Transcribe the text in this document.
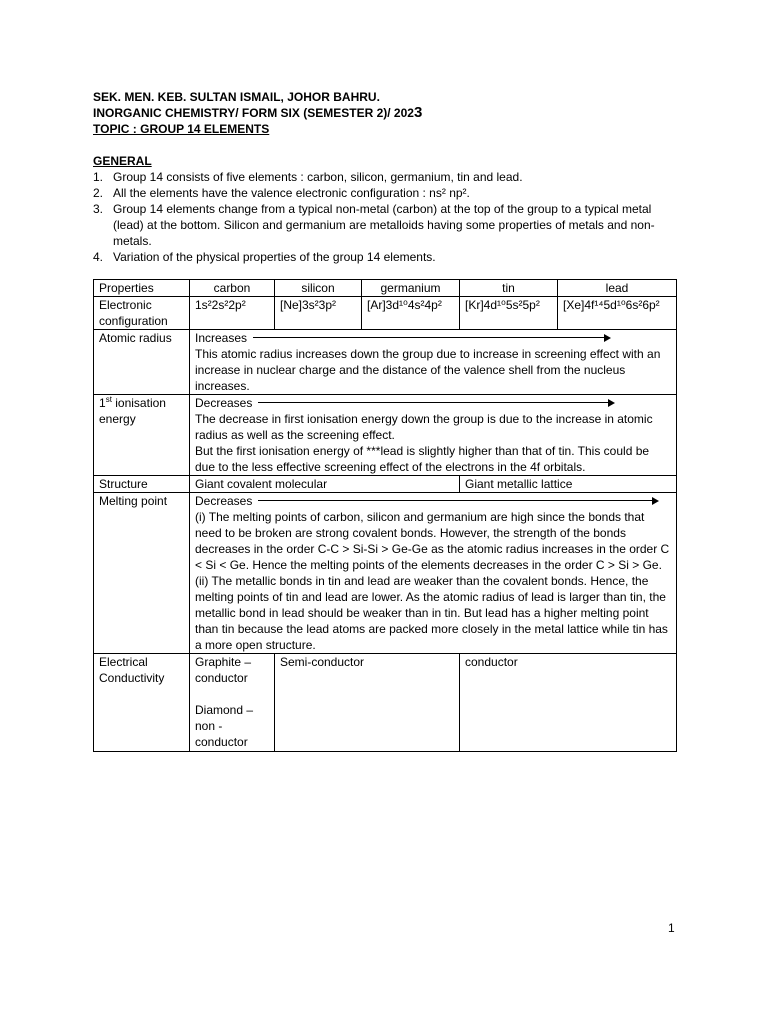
SEK. MEN. KEB. SULTAN ISMAIL, JOHOR BAHRU.
INORGANIC CHEMISTRY/ FORM SIX (SEMESTER 2)/ 2023
TOPIC : GROUP 14 ELEMENTS
GENERAL
1. Group 14 consists of five elements : carbon, silicon, germanium, tin and lead.
2. All the elements have the valence electronic configuration : ns² np².
3. Group 14 elements change from a typical non-metal (carbon) at the top of the group to a typical metal (lead) at the bottom. Silicon and germanium are metalloids having some properties of metals and non-metals.
4. Variation of the physical properties of the group 14 elements.
Properties	carbon	silicon	germanium	tin	lead
Electronic configuration	1s²2s²2p²	[Ne]3s²3p²	[Ar]3d¹⁰4s²4p²	[Kr]4d¹⁰5s²5p²	[Xe]4f¹⁴5d¹⁰6s²6p²
Atomic radius	Increases
This atomic radius increases down the group due to increase in screening effect with an increase in nuclear charge and the distance of the valence shell from the nucleus increases.				

1st ionisation energy	Decreases
The decrease in first ionisation energy down the group is due to the increase in atomic radius as well as the screening effect.
But the first ionisation energy of ***lead is slightly higher than that of tin. This could be due to the less effective screening effect of the electrons in the 4f orbitals.				

Structure	Giant covalent molecular			Giant metallic lattice	
Melting point	Decreases
(i) The melting points of carbon, silicon and germanium are high since the bonds that need to be broken are strong covalent bonds. However, the strength of the bonds decreases in the order C-C > Si-Si > Ge-Ge as the atomic radius increases in the order C < Si < Ge. Hence the melting points of the elements decreases in the order C > Si > Ge.
(ii) The metallic bonds in tin and lead are weaker than the covalent bonds. Hence, the melting points of tin and lead are lower. As the atomic radius of lead is larger than tin, the metallic bond in lead should be weaker than in tin. But lead has a higher melting point than tin because the lead atoms are packed more closely in the metal lattice while tin has a more open structure.				

Electrical Conductivity	Graphite – conductor
Diamond – non - conductor	Semi-conductor		conductor	
1
